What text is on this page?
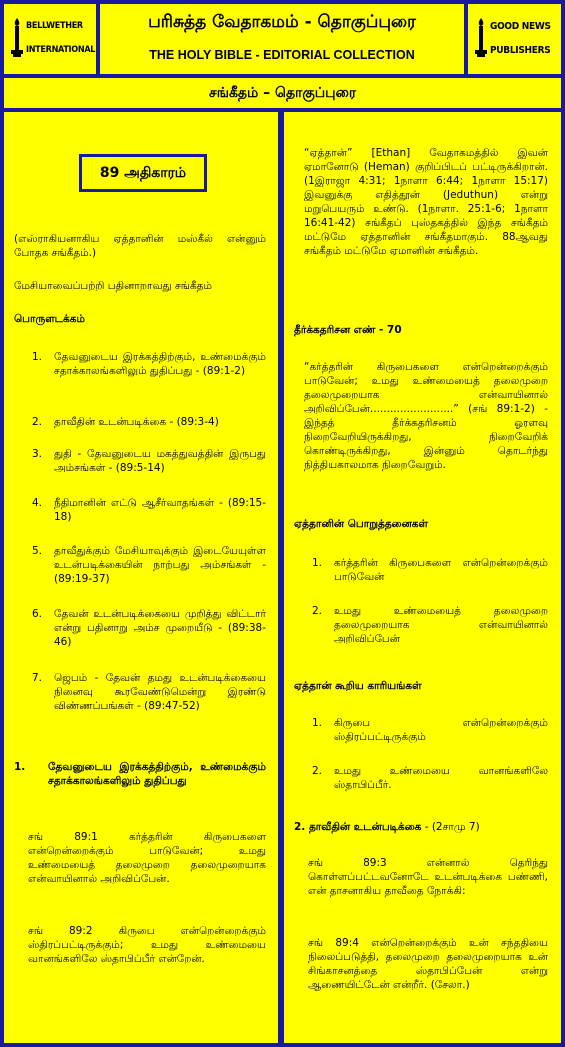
BELLWETHER
INTERNATIONAL
பரிசுத்த வேதாகமம் - தொகுப்புரை
THE HOLY BIBLE - EDITORIAL COLLECTION
GOOD NEWS
PUBLISHERS
சங்கீதம் – தொகுப்புரை
89 அதிகாரம்
(எஸ்ராகியனாகிய ஏத்தானின் மஸ்கீல் என்னும் போதக சங்கீதம்.)
மேசியாவைப்பற்றி பதினாறாவது சங்கீதம்
பொருளடக்கம்
1. தேவனுடைய இரக்கத்திற்கும், உண்மைக்கும் சதாக்காலங்களிலும் துதிப்பது - (89:1-2)
2. தாவீதின் உடன்படிக்கை - (89:3-4)
3. துதி - தேவனுடைய மகத்துவத்தின் இருபது அம்சங்கள் - (89:5-14)
4. நீதிமானின் எட்டு ஆசீர்வாதங்கள் - (89:15-18)
5. தாவீதுக்கும் மேசியாவுக்கும் இடையேயுள்ள உடன்படிக்கையின் நாற்பது அம்சங்கள் - (89:19-37)
6. தேவன் உடன்படிக்கையை முறித்து விட்டார் என்று பதினாறு அம்ச முறையீடு - (89:38-46)
7. ஜெபம் - தேவன் தமது உடன்படிக்கையை நினைவு கூரவேண்டுமென்று இரண்டு விண்ணப்பங்கள் - (89:47-52)
1. தேவனுடைய இரக்கத்திற்கும், உண்மைக்கும் சதாக்காலங்களிலும் துதிப்பது
சங் 89:1 கர்த்தரின் கிருபைகளை என்றென்றைக்கும் பாடுவேன்; உமது உண்மையைத் தலைமுறை தலைமுறையாக என்வாயினால் அறிவிப்பேன்.
சங் 89:2 கிருபை என்றென்றைக்கும் ஸ்திரப்பட்டிருக்கும்; உமது உண்மையை வானங்களிலே ஸ்தாபிப்பீர் என்றேன்.
“ஏத்தான்” [Ethan] வேதாகமத்தில் இவன் ஏமானோடு (Heman) குறிப்பிடப் பட்டிருக்கிறான். (1இராஜா 4:31; 1நாளா 6:44; 1நாளா 15:17) இவனுக்கு எதித்தூன் (Jeduthun) என்று மறுபெயரும் உண்டு. (1நாளா. 25:1-6; 1நாளா 16:41-42) சங்கீதப் புஸ்தகத்தில் இந்த சங்கீதம் மட்டுமே ஏத்தானின் சங்கீதமாகும். 88ஆவது சங்கீதம் மட்டுமே ஏமானின் சங்கீதம்.
தீர்க்கதரிசன எண் - 70
“கர்த்தரின் கிருபைகளை என்றென்றைக்கும் பாடுவேன்; உமது உண்மையைத் தலைமுறை தலைமுறையாக என்வாயினால் அறிவிப்பேன்.........................” (சங் 89:1-2) - இந்தத் தீர்க்கதரிசனம் ஓரளவு நிறைவேறியிருக்கிறது, நிறைவேறிக் கொண்டிருக்கிறது, இன்னும் தொடர்ந்து நித்தியகாலமாக நிறைவேறும்.
ஏத்தானின் பொறுத்தனைகள்
1. கர்த்தரின் கிருபைகளை என்றென்றைக்கும் பாடுவேன்
2. உமது உண்மையைத் தலைமுறை தலைமுறையாக என்வாயினால் அறிவிப்பேன்
ஏத்தான் கூறிய காரியங்கள்
1. கிருபை என்றென்றைக்கும் ஸ்திரப்பட்டிருக்கும்
2. உமது உண்மையை வானங்களிலே ஸ்தாபிப்பீர்.
2. தாவீதின் உடன்படிக்கை - (2சாமு 7)
சங் 89:3 என்னால் தெரிந்து கொள்ளப்பட்டவனோடே உடன்படிக்கை பண்ணி, என் தாசனாகிய தாவீதை நோக்கி:
சங் 89:4 என்றென்றைக்கும் உன் சந்ததியை நிலைப்படுத்தி, தலைமுறை தலைமுறையாக உன் சிங்காசனத்தை ஸ்தாபிப்பேன் என்று ஆணையிட்டேன் என்றீர். (சேலா.)
